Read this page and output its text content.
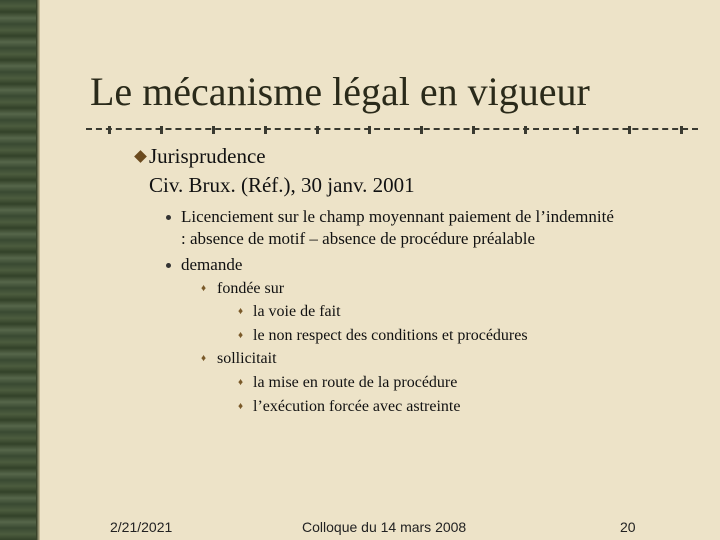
Le mécanisme légal en vigueur
Jurisprudence
Civ. Brux. (Réf.), 30 janv. 2001
Licenciement sur le champ moyennant paiement de l’indemnité
: absence de motif – absence de procédure préalable
demande
♦ fondée sur
♦ la voie de fait
♦ le non respect des conditions et procédures
♦ sollicitait
♦ la mise en route de la procédure
♦ l’exécution forcée avec astreinte
2/21/2021	Colloque du 14 mars 2008	20
